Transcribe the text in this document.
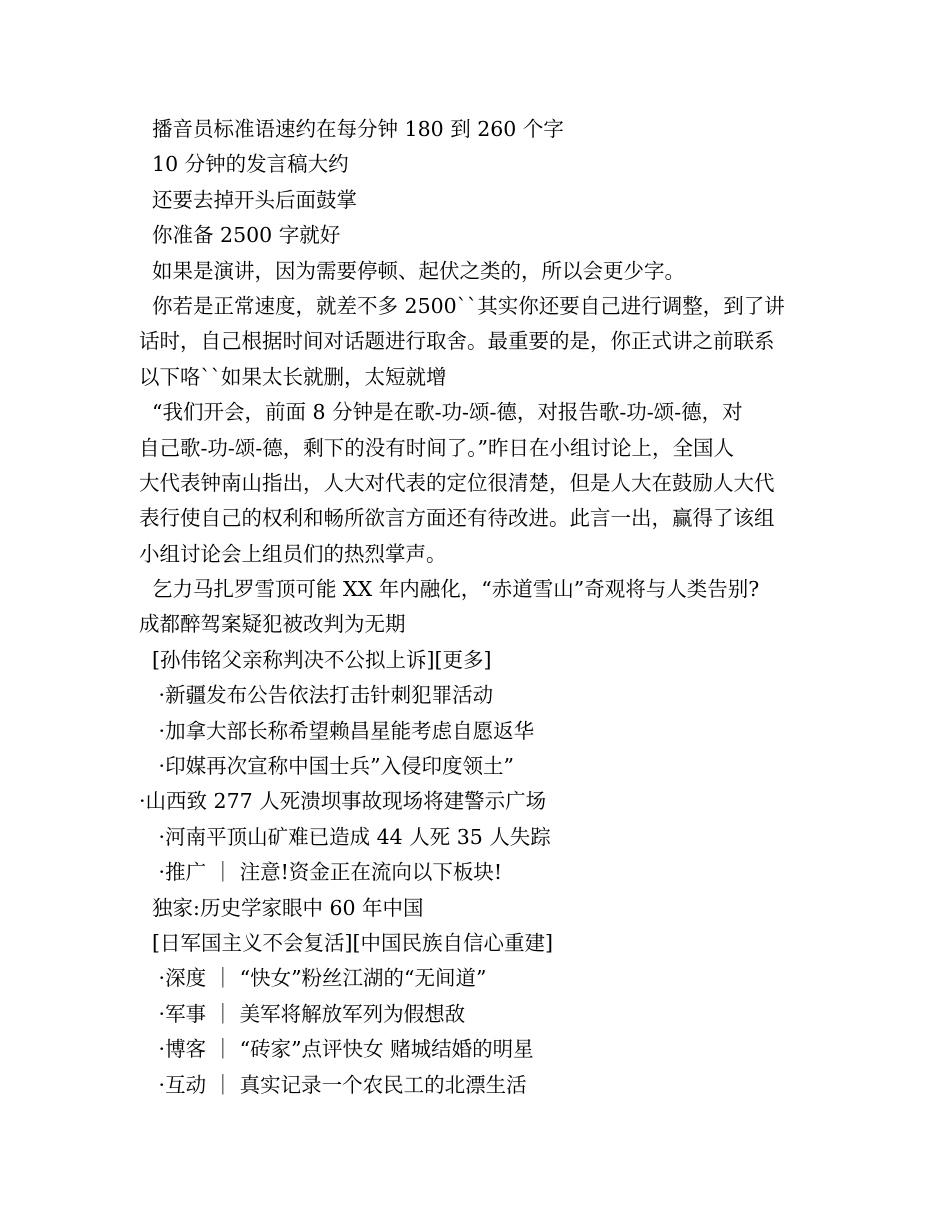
播音员标准语速约在每分钟 180 到 260 个字
10 分钟的发言稿大约
还要去掉开头后面鼓掌
你准备 2500 字就好
如果是演讲，因为需要停顿、起伏之类的，所以会更少字。
你若是正常速度，就差不多 2500``其实你还要自己进行调整，到了讲
话时，自己根据时间对话题进行取舍。最重要的是，你正式讲之前联系
以下咯``如果太长就删，太短就增
“我们开会，前面 8 分钟是在歌-功-颂-德，对报告歌-功-颂-德，对
自己歌-功-颂-德，剩下的没有时间了。”昨日在小组讨论上，全国人
大代表钟南山指出，人大对代表的定位很清楚，但是人大在鼓励人大代
表行使自己的权利和畅所欲言方面还有待改进。此言一出，赢得了该组
小组讨论会上组员们的热烈掌声。
乞力马扎罗雪顶可能 XX 年内融化，“赤道雪山”奇观将与人类告别?
成都醉驾案疑犯被改判为无期
[孙伟铭父亲称判决不公拟上诉][更多]
·新疆发布公告依法打击针刺犯罪活动
·加拿大部长称希望赖昌星能考虑自愿返华
·印媒再次宣称中国士兵”入侵印度领土”
·山西致 277 人死溃坝事故现场将建警示广场
·河南平顶山矿难已造成 44 人死 35 人失踪
·推广 ｜ 注意!资金正在流向以下板块!
独家:历史学家眼中 60 年中国
[日军国主义不会复活][中国民族自信心重建]
·深度 ｜ “快女”粉丝江湖的“无间道”
·军事 ｜ 美军将解放军列为假想敌
·博客 ｜ “砖家”点评快女 赌城结婚的明星
·互动 ｜ 真实记录一个农民工的北漂生活
